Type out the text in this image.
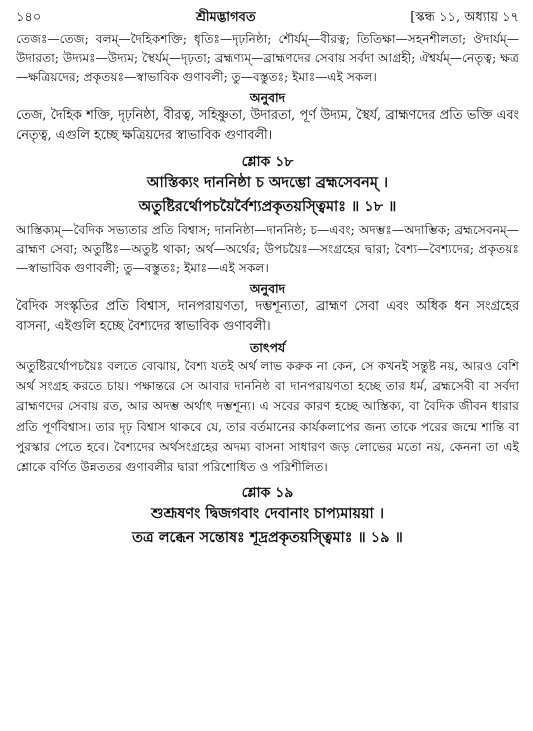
১৪০	শ্রীমদ্ভাগবত	[স্কন্ধ ১১, অধ্যায় ১৭

তেজঃ—তেজ; বলম্—দৈহিকশক্তি; ধৃতিঃ—দৃঢ়নিষ্ঠা; শৌর্যম্—বীরত্ব; তিতিক্ষা—সহনশীলতা; ঔদার্যম্—উদারতা; উদ্যমঃ—উদ্যম; স্থৈর্যম্—দৃঢ়তা; ব্রহ্মণ্যম্—ব্রাহ্মণদের সেবায় সর্বদা আগ্রহী; ঐশ্বর্যম্—নেতৃত্ব; ক্ষত্র—ক্ষত্রিয়দের; প্রকৃতয়ঃ—স্বাভাবিক গুণাবলী; তু—বস্তুতঃ; ইমাঃ—এই সকল।

অনুবাদ

তেজ, দৈহিক শক্তি, দৃঢ়নিষ্ঠা, বীরত্ব, সহিষ্ণুতা, উদারতা, পূর্ণ উদ্যম, স্থৈর্য, ব্রাহ্মণদের প্রতি ভক্তি এবং নেতৃত্ব, এগুলি হচ্ছে ক্ষত্রিয়দের স্বাভাবিক গুণাবলী।

শ্লোক ১৮
আস্তিক্যং দাননিষ্ঠা চ অদম্ভো ব্রহ্মসেবনম্ ।
অতুষ্টিরর্থোপচয়ৈর্বৈশ্যপ্রকৃতয়স্ত্বিমাঃ ॥ ১৮ ॥

আস্তিক্যম্—বৈদিক সভ্যতার প্রতি বিশ্বাস; দাননিষ্ঠা—দাননিষ্ঠ; চ—এবং; অদম্ভঃ—অদাম্ভিক; ব্রহ্মসেবনম্—ব্রাহ্মণ সেবা; অতুষ্টিঃ—অতুষ্ট থাকা; অর্থ—অর্থের; উপচয়ৈঃ—সংগ্রহের দ্বারা; বৈশ্য—বৈশ্যদের; প্রকৃতয়ঃ—স্বাভাবিক গুণাবলী; তু—বস্তুতঃ; ইমাঃ—এই সকল।

অনুবাদ

বৈদিক সংস্কৃতির প্রতি বিশ্বাস, দানপরায়ণতা, দম্ভশূন্যতা, ব্রাহ্মণ সেবা এবং অধিক ধন সংগ্রহের বাসনা, এইগুলি হচ্ছে বৈশ্যদের স্বাভাবিক গুণাবলী।

তাৎপর্য

অতুষ্টিরর্থোপচয়ৈঃ বলতে বোঝায়, বৈশ্য যতই অর্থ লাভ করুক না কেন, সে কখনই সন্তুষ্ট নয়, আরও বেশি অর্থ সংগ্রহ করতে চায়। পক্ষান্তরে সে আবার দাননিষ্ঠ বা দানপরায়ণতা হচ্ছে তার ধর্ম, ব্রহ্মসেবী বা সর্বদা ব্রাহ্মণদের সেবায় রত, আর অদম্ভ অর্থাৎ দম্ভশূন্য। এ সবের কারণ হচ্ছে আস্তিক্য, বা বৈদিক জীবন ধারার প্রতি পূর্ণবিশ্বাস। তার দৃঢ় বিশ্বাস থাকবে যে, তার বর্তমানের কার্যকলাপের জন্য তাকে পরের জন্মে শান্তি বা পুরস্কার পেতে হবে। বৈশ্যদের অর্থসংগ্রহের অদম্য বাসনা সাধারণ জড় লোভের মতো নয়, কেননা তা এই শ্লোকে বর্ণিত উন্নততর গুণাবলীর দ্বারা পরিশোধিত ও পরিশীলিত।

শ্লোক ১৯
শুশ্রূষণং দ্বিজগবাং দেবানাং চাপ্যমায়য়া ।
তত্র লব্ধেন সন্তোষঃ শূদ্রপ্রকৃতয়স্ত্বিমাঃ ॥ ১৯ ॥
